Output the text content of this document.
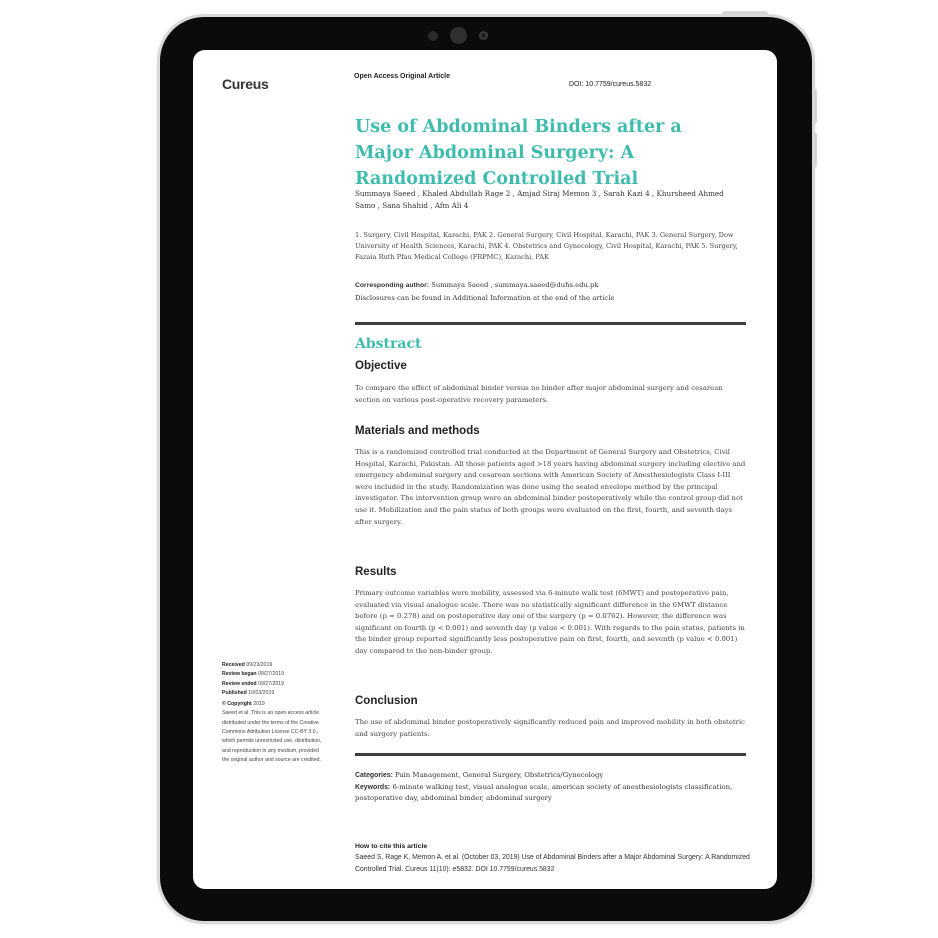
Cureus	Open Access Original Article
DOI: 10.7759/cureus.5832
Use of Abdominal Binders after a Major Abdominal Surgery: A Randomized Controlled Trial
Summaya Saeed , Khaled Abdullah Rage 2 , Amjad Siraj Memon 3 , Sarah Kazi 4 , Khursheed Ahmed Samo , Sana Shahid , Afm Ali 4
1. Surgery, Civil Hospital, Karachi, PAK 2. General Surgery, Civil Hospital, Karachi, PAK 3. General Surgery, Dow University of Health Sciences, Karachi, PAK 4. Obstetrics and Gynecology, Civil Hospital, Karachi, PAK 5. Surgery, Fazaia Ruth Pfau Medical College (FRPMC), Karachi, PAK
Corresponding author: Summaya Saeed , summaya.saeed@duhs.edu.pk
Disclosures can be found in Additional Information at the end of the article
Abstract
Objective
To compare the effect of abdominal binder versus no binder after major abdominal surgery and cesarean section on various post-operative recovery parameters.
Materials and methods
This is a randomized controlled trial conducted at the Department of General Surgery and Obstetrics, Civil Hospital, Karachi, Pakistan. All those patients aged >18 years having abdominal surgery including elective and emergency abdominal surgery and cesarean sections with American Society of Anesthesiologists Class I-III were included in the study. Randomization was done using the sealed envelope method by the principal investigator. The intervention group wore an abdominal binder postoperatively while the control group did not use it. Mobilization and the pain status of both groups were evaluated on the first, fourth, and seventh days after surgery.
Results
Primary outcome variables were mobility, assessed via 6-minute walk test (6MWT) and postoperative pain, evaluated via visual analogue scale. There was no statistically significant difference in the 6MWT distance before (p = 0.278) and on postoperative day one of the surgery (p = 0.0762). However, the difference was significant on fourth (p < 0.001) and seventh day (p value < 0.001). With regards to the pain status, patients in the binder group reported significantly less postoperative pain on first, fourth, and seventh (p value < 0.001) day compared to the non-binder group.
Conclusion
The use of abdominal binder postoperatively significantly reduced pain and improved mobility in both obstetric and surgery patients.
Categories: Pain Management, General Surgery, Obstetrics/Gynecology
Keywords: 6-minute walking test, visual analogue scale, american society of anesthesiologists classification, postoperative day, abdominal binder, abdominal surgery
How to cite this article
Saeed S, Rage K, Memon A, et al. (October 03, 2019) Use of Abdominal Binders after a Major Abdominal Surgery: A Randomized Controlled Trial. Cureus 11(10): e5832. DOI 10.7759/cureus.5832
Received 09/23/2019
Review began 09/27/2019
Review ended 09/27/2019
Published 10/03/2019
© Copyright 2019
Saeed et al. This is an open access article distributed under the terms of the Creative Commons Attribution License CC-BY 3.0., which permits unrestricted use, distribution, and reproduction in any medium, provided the original author and source are credited.
